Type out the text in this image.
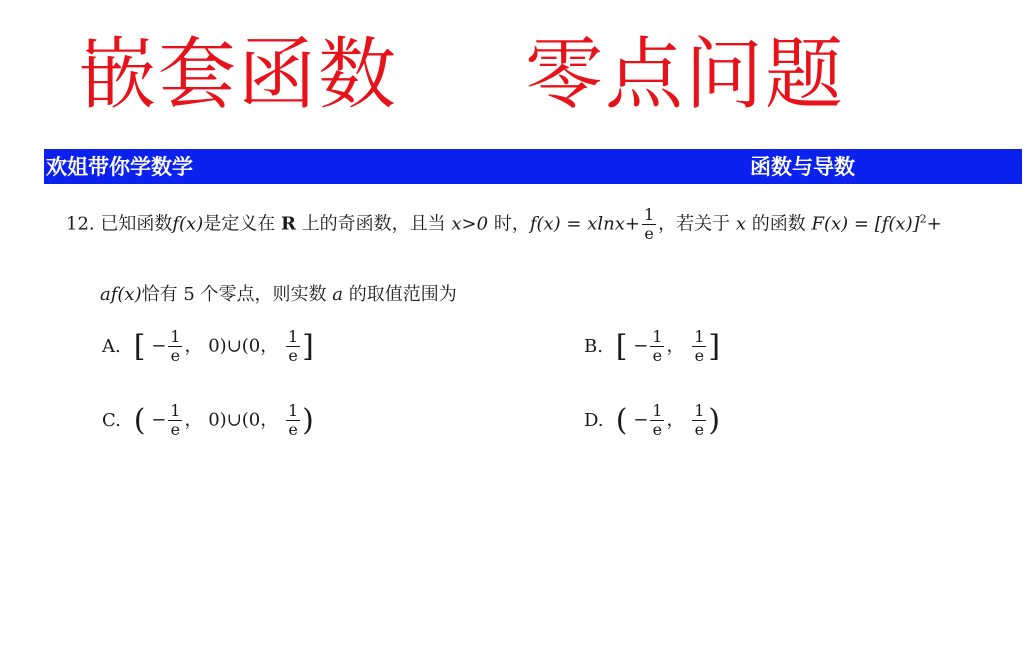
嵌套函数 零点问题
欢姐带你学数学	函数与导数
12. 已知函数f(x)是定义在 R 上的奇函数，且当 x>0 时，$f(x) = xlnx+ \frac{1}{e}$ ，若关于 x 的函数 $F(x) = [f(x)]^2+$
af(x)恰有 5 个零点，则实数 a 的取值范围为
A. [ − $\frac{1}{e}$ ， 0)∪(0， $\frac{1}{e}$ ]	B. [ − $\frac{1}{e}$ ， $\frac{1}{e}$ ]
C. ( − $\frac{1}{e}$ ， 0)∪(0， $\frac{1}{e}$ )	D. ( − $\frac{1}{e}$ ， $\frac{1}{e}$ )
